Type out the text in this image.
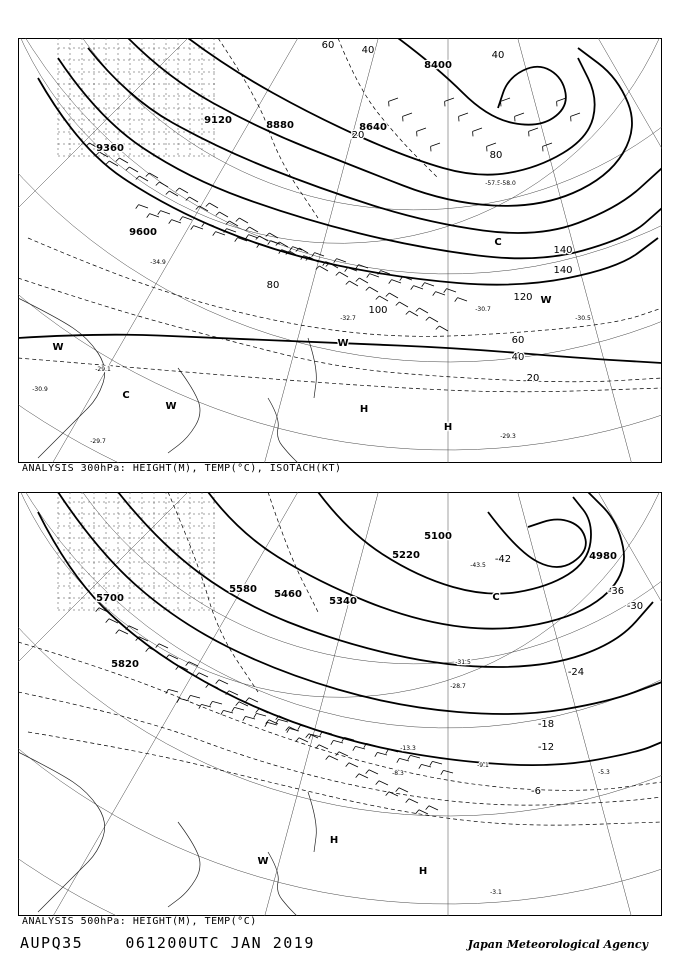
9600
9360
9120	8880	8640
8400
140
140
120
100
80
60
40
20
40
60
20
40
80
-29.3
-30.7
-29.1
-30.9
-30.5
-29.7
-32.7
-34.9
-57.5 -58.0
H
H
C
W
W
W
C
W
ANALYSIS 300hPa: HEIGHT(M), TEMP(°C), ISOTACH(KT)
5700
5820
5580 5460
5340
5220
5100
4980
-6
-12
-18
-24
-30
-36
-42
-5.3
-3.1
-8.3
-9.1
-13.3
-28.7
-31.5
-43.5
H
H
C
W
ANALYSIS 500hPa: HEIGHT(M), TEMP(°C)
AUPQ35	061200UTC JAN 2019	Japan Meteorological Agency
